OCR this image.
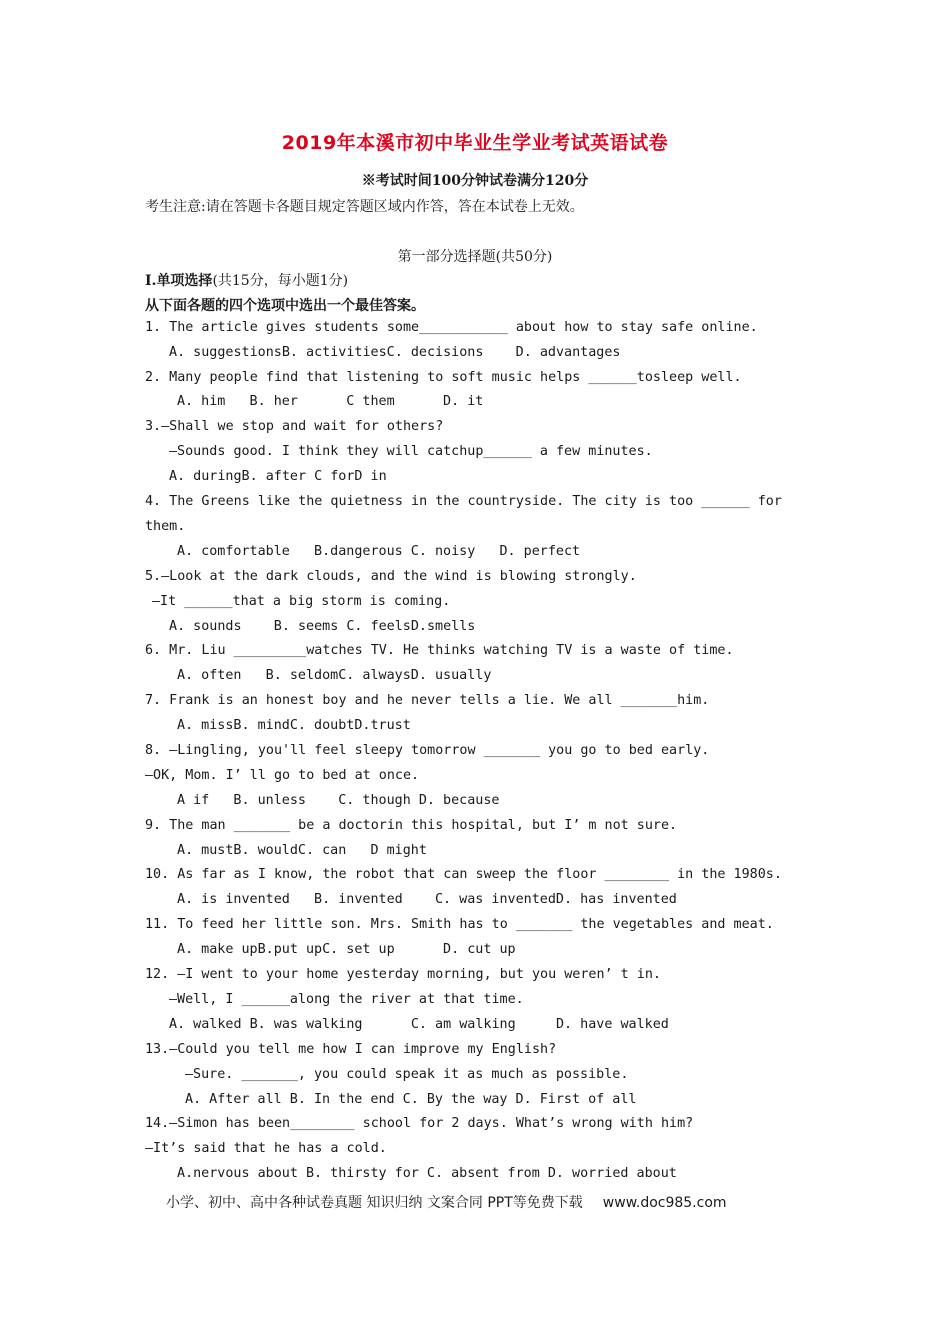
2019年本溪市初中毕业生学业考试英语试卷
※考试时间100分钟试卷满分120分
考生注意:请在答题卡各题目规定答题区域内作答，答在本试卷上无效。
第一部分选择题(共50分)
Ⅰ.单项选择(共15分，每小题1分)
从下面各题的四个选项中选出一个最佳答案。
1. The article gives students some___________ about how to stay safe online.
A. suggestionsB. activitiesC. decisions    D. advantages
2. Many people find that listening to soft music helps ______tosleep well.
A. him   B. her      C them      D. it
3.—Shall we stop and wait for others?
—Sounds good. I think they will catchup______ a few minutes.
A. duringB. after C forD in
4. The Greens like the quietness in the countryside. The city is too ______ for
them.
A. comfortable   B.dangerous C. noisy   D. perfect
5.—Look at the dark clouds, and the wind is blowing strongly.
—It ______that a big storm is coming.
A. sounds    B. seems C. feelsD.smells
6. Mr. Liu _________watches TV. He thinks watching TV is a waste of time.
A. often   B. seldomC. alwaysD. usually
7. Frank is an honest boy and he never tells a lie. We all _______him.
A. missB. mindC. doubtD.trust
8. —Lingling, you'll feel sleepy tomorrow _______ you go to bed early.
—OK, Mom. I’ ll go to bed at once.
A if   B. unless    C. though D. because
9. The man _______ be a doctorin this hospital, but I’ m not sure.
A. mustB. wouldC. can   D might
10. As far as I know, the robot that can sweep the floor ________ in the 1980s.
A. is invented   B. invented    C. was inventedD. has invented
11. To feed her little son. Mrs. Smith has to _______ the vegetables and meat.
A. make upB.put upC. set up      D. cut up
12. —I went to your home yesterday morning, but you weren’ t in.
—Well, I ______along the river at that time.
A. walked B. was walking      C. am walking     D. have walked
13.—Could you tell me how I can improve my English?
—Sure. _______, you could speak it as much as possible.
A. After all B. In the end C. By the way D. First of all
14.—Simon has been________ school for 2 days. What’s wrong with him?
—It’s said that he has a cold.
A.nervous about B. thirsty for C. absent from D. worried about
小学、初中、高中各种试卷真题 知识归纳 文案合同 PPT等免费下载 www.doc985.com
